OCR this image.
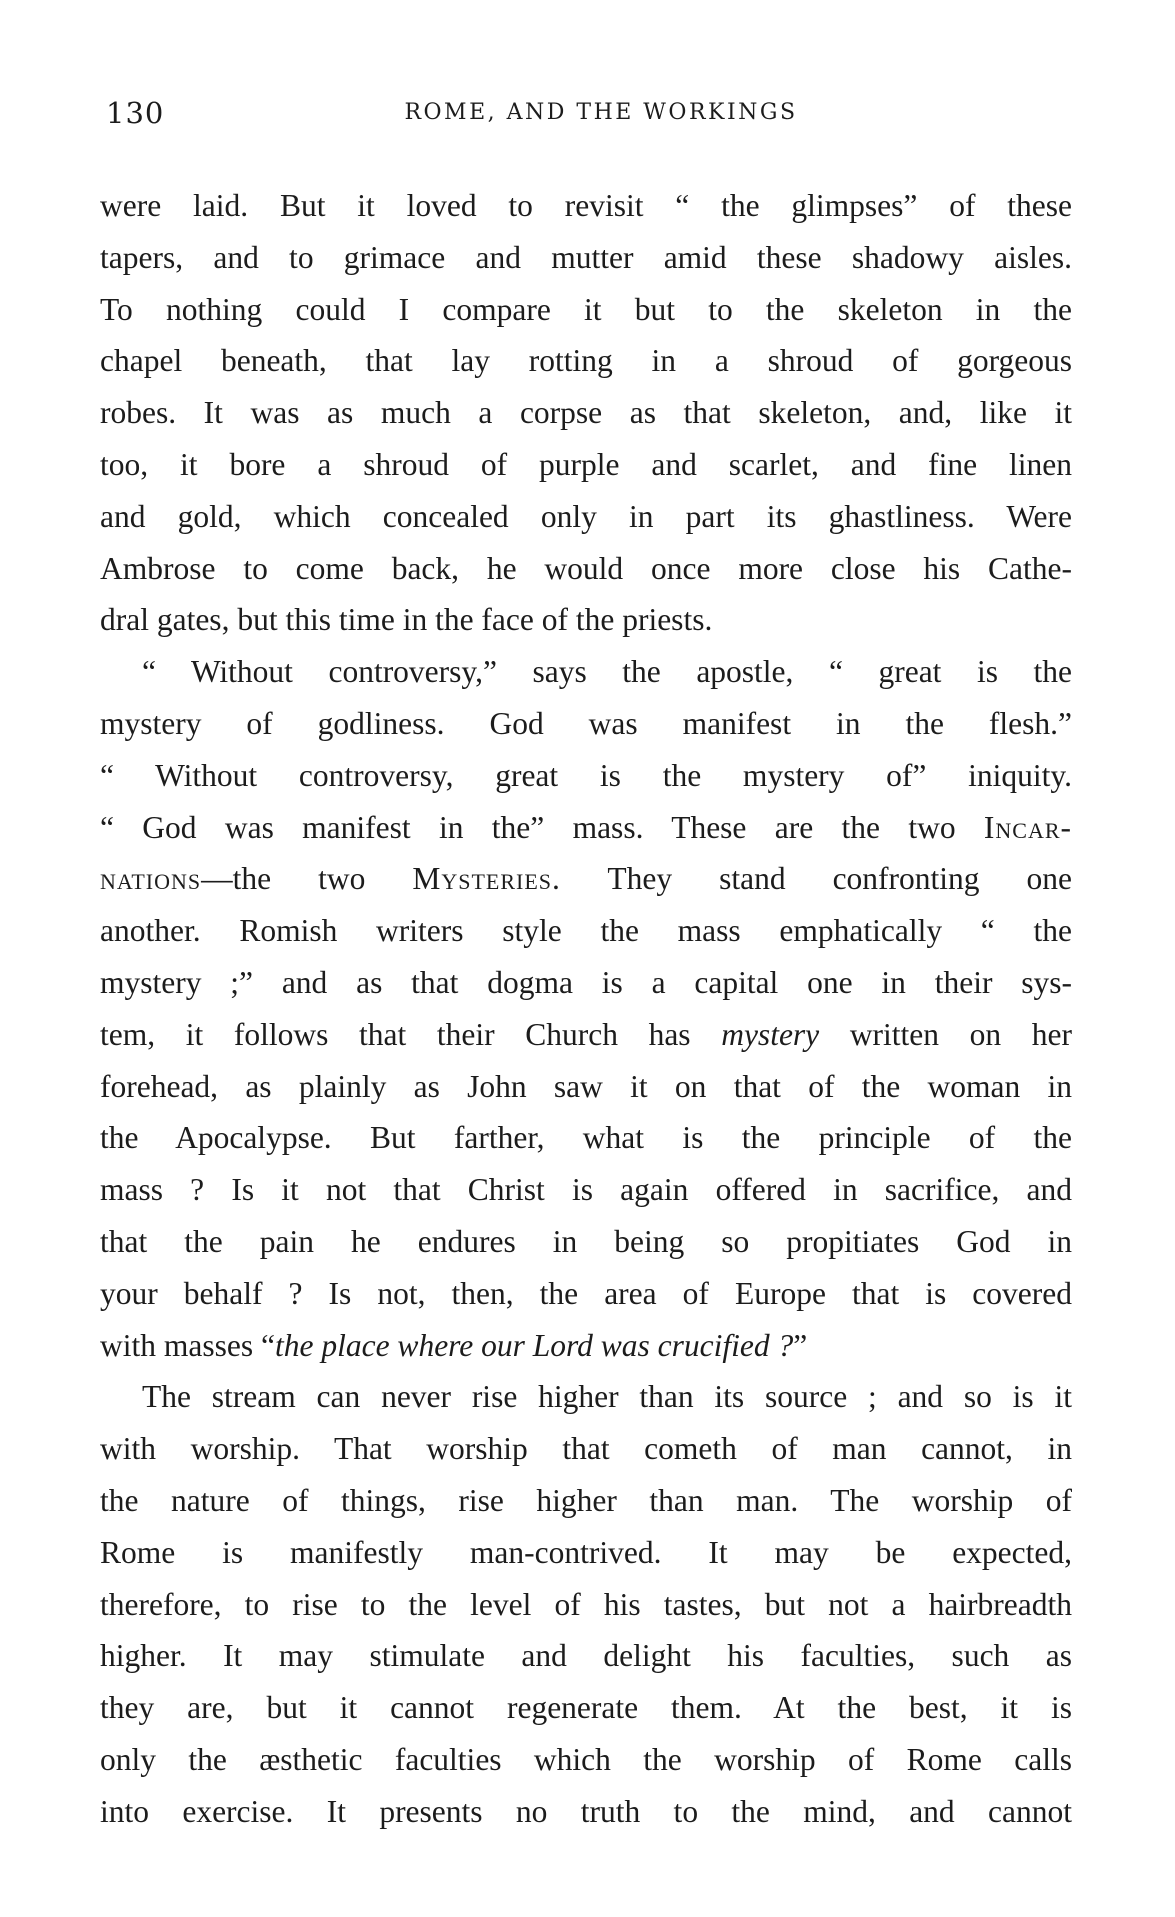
130	ROME, AND THE WORKINGS
were laid. But it loved to revisit “ the glimpses” of these
tapers, and to grimace and mutter amid these shadowy aisles.
To nothing could I compare it but to the skeleton in the
chapel beneath, that lay rotting in a shroud of gorgeous
robes. It was as much a corpse as that skeleton, and, like it
too, it bore a shroud of purple and scarlet, and fine linen
and gold, which concealed only in part its ghastliness. Were
Ambrose to come back, he would once more close his Cathe-
dral gates, but this time in the face of the priests.
“ Without controversy,” says the apostle, “ great is the
mystery of godliness. God was manifest in the flesh.”
“ Without controversy, great is the mystery of” iniquity.
“ God was manifest in the” mass. These are the two Incar-
nations—the two Mysteries. They stand confronting one
another. Romish writers style the mass emphatically “ the
mystery ;” and as that dogma is a capital one in their sys-
tem, it follows that their Church has mystery written on her
forehead, as plainly as John saw it on that of the woman in
the Apocalypse. But farther, what is the principle of the
mass ? Is it not that Christ is again offered in sacrifice, and
that the pain he endures in being so propitiates God in
your behalf ? Is not, then, the area of Europe that is covered
with masses “the place where our Lord was crucified ?”
The stream can never rise higher than its source ; and so is it
with worship. That worship that cometh of man cannot, in
the nature of things, rise higher than man. The worship of
Rome is manifestly man-contrived. It may be expected,
therefore, to rise to the level of his tastes, but not a hairbreadth
higher. It may stimulate and delight his faculties, such as
they are, but it cannot regenerate them. At the best, it is
only the æsthetic faculties which the worship of Rome calls
into exercise. It presents no truth to the mind, and cannot
